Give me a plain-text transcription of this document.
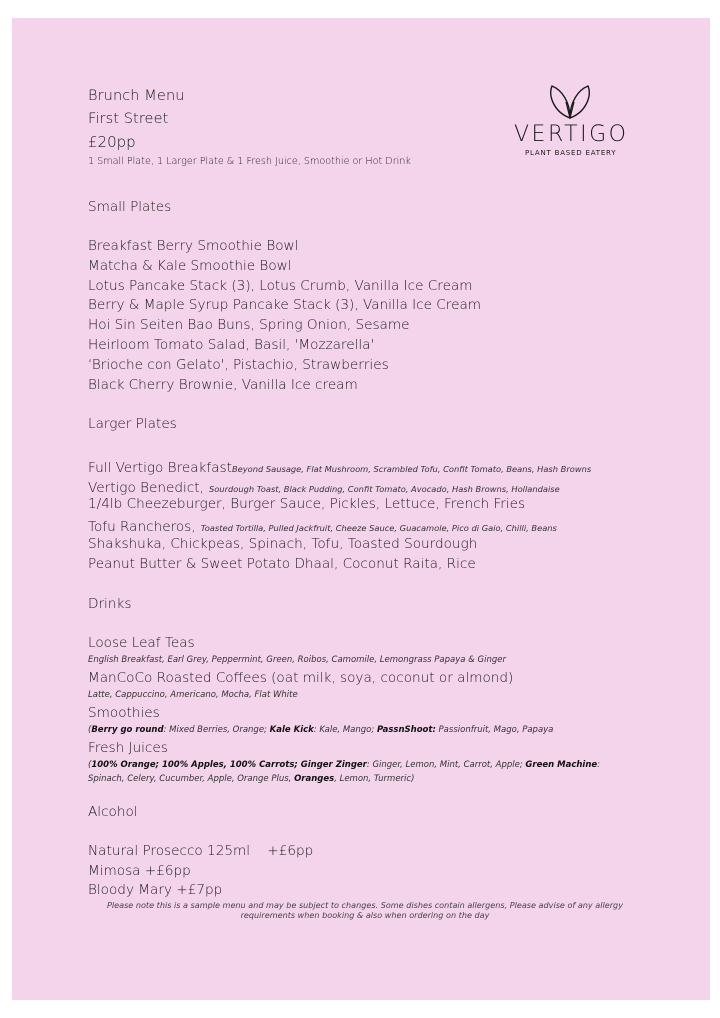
Brunch Menu
First Street
£20pp
1 Small Plate, 1 Larger Plate & 1 Fresh Juice, Smoothie or Hot Drink
VERTIGO
PLANT BASED EATERY
Small Plates
Breakfast Berry Smoothie Bowl
Matcha & Kale Smoothie Bowl
Lotus Pancake Stack (3), Lotus Crumb, Vanilla Ice Cream
Berry & Maple Syrup Pancake Stack (3), Vanilla Ice Cream
Hoi Sin Seiten Bao Buns, Spring Onion, Sesame
Heirloom Tomato Salad, Basil, 'Mozzarella'
‘Brioche con Gelato', Pistachio, Strawberries
Black Cherry Brownie, Vanilla Ice cream
Larger Plates
Full Vertigo BreakfastBeyond Sausage, Flat Mushroom, Scrambled Tofu, Confit Tomato, Beans, Hash Browns
Vertigo Benedict, Sourdough Toast, Black Pudding, Confit Tomato, Avocado, Hash Browns, Hollandaise
1/4lb Cheezeburger, Burger Sauce, Pickles, Lettuce, French Fries
Tofu Rancheros, Toasted Tortilla, Pulled Jackfruit, Cheeze Sauce, Guacamole, Pico di Gaio, Chilli, Beans
Shakshuka, Chickpeas, Spinach, Tofu, Toasted Sourdough
Peanut Butter & Sweet Potato Dhaal, Coconut Raita, Rice
Drinks
Loose Leaf Teas
English Breakfast, Earl Grey, Peppermint, Green, Roibos, Camomile, Lemongrass Papaya & Ginger
ManCoCo Roasted Coffees (oat milk, soya, coconut or almond)
Latte, Cappuccino, Americano, Mocha, Flat White
Smoothies
(Berry go round: Mixed Berries, Orange; Kale Kick: Kale, Mango; PassnShoot: Passionfruit, Mago, Papaya
Fresh Juices
(100% Orange; 100% Apples, 100% Carrots; Ginger Zinger: Ginger, Lemon, Mint, Carrot, Apple; Green Machine:
Spinach, Celery, Cucumber, Apple, Orange Plus, Oranges, Lemon, Turmeric)
Alcohol
Natural Prosecco 125ml    +£6pp
Mimosa +£6pp
Bloody Mary +£7pp
Please note this is a sample menu and may be subject to changes. Some dishes contain allergens, Please advise of any allergy requirements when booking & also when ordering on the day
